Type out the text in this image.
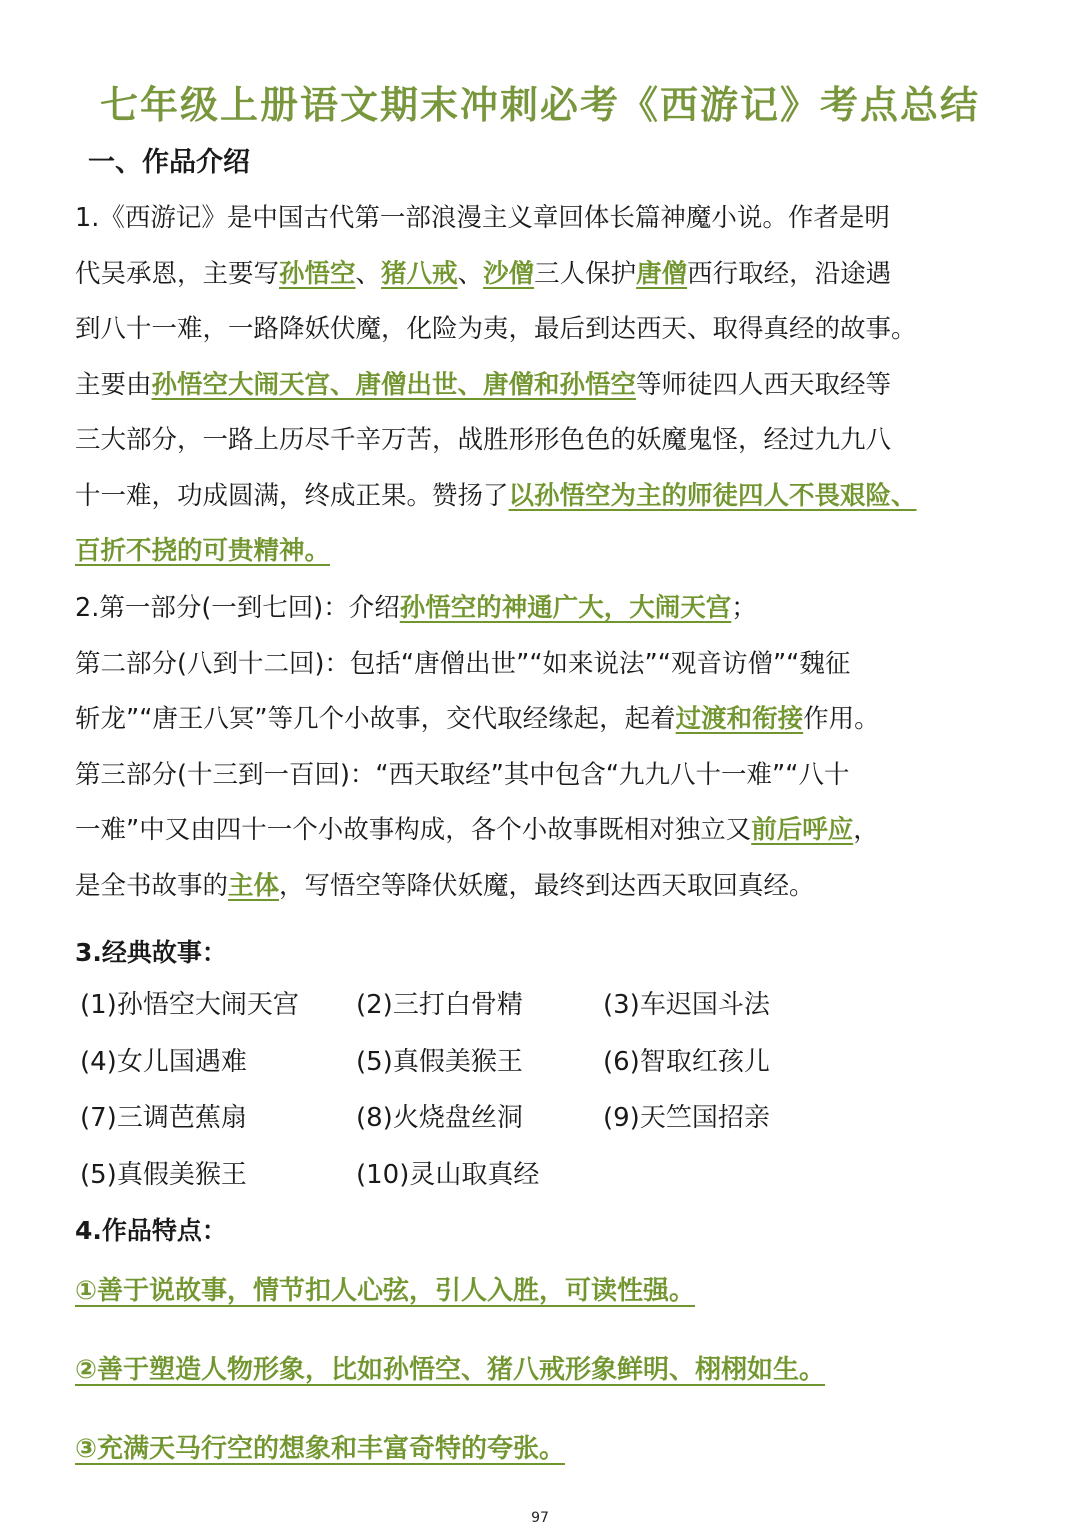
七年级上册语文期末冲刺必考《西游记》考点总结
一、作品介绍
1.《西游记》是中国古代第一部浪漫主义章回体长篇神魔小说。作者是明
代吴承恩，主要写孙悟空、猪八戒、沙僧三人保护唐僧西行取经，沿途遇
到八十一难，一路降妖伏魔，化险为夷，最后到达西天、取得真经的故事。
主要由孙悟空大闹天宫、唐僧出世、唐僧和孙悟空等师徒四人西天取经等
三大部分，一路上历尽千辛万苦，战胜形形色色的妖魔鬼怪，经过九九八
十一难，功成圆满，终成正果。赞扬了以孙悟空为主的师徒四人不畏艰险、
百折不挠的可贵精神。
2.第一部分(一到七回)：介绍孙悟空的神通广大，大闹天宫；
第二部分(八到十二回)：包括“唐僧出世”“如来说法”“观音访僧”“魏征
斩龙”“唐王八冥”等几个小故事，交代取经缘起，起着过渡和衔接作用。
第三部分(十三到一百回)：“西天取经”其中包含“九九八十一难”“八十
一难”中又由四十一个小故事构成，各个小故事既相对独立又前后呼应，
是全书故事的主体，写悟空等降伏妖魔，最终到达西天取回真经。
3.经典故事：
(1)孙悟空大闹天宫 (2)三打白骨精	(3)车迟国斗法
(4)女儿国遇难	(5)真假美猴王	(6)智取红孩儿
(7)三调芭蕉扇	(8)火烧盘丝洞	(9)天竺国招亲
(5)真假美猴王	(10)灵山取真经
4.作品特点：
①善于说故事，情节扣人心弦，引人入胜，可读性强。
②善于塑造人物形象，比如孙悟空、猪八戒形象鲜明、栩栩如生。
③充满天马行空的想象和丰富奇特的夸张。
97
